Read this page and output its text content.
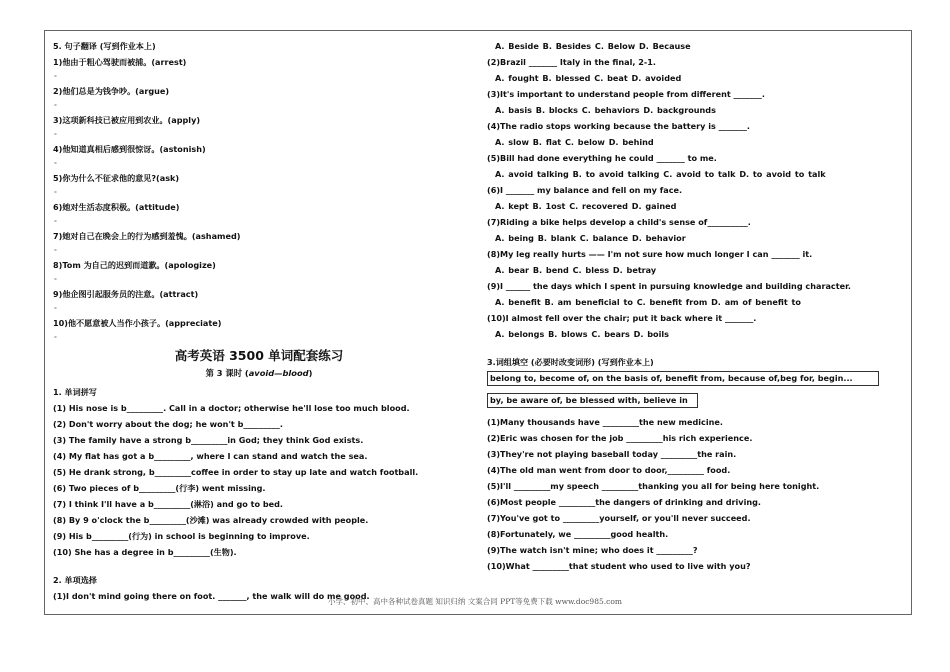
5. 句子翻译 (写到作业本上)
1)他由于粗心驾驶而被捕。(arrest)
-
2)他们总是为钱争吵。(argue)
-
3)这项新科技已被应用到农业。(apply)
-
4)他知道真相后感到很惊讶。(astonish)
-
5)你为什么不征求他的意见?(ask)
-
6)她对生活态度积极。(attitude)
-
7)她对自己在晚会上的行为感到羞愧。(ashamed)
-
8)Tom 为自己的迟到而道歉。(apologize)
-
9)他企图引起服务员的注意。(attract)
-
10)他不愿意被人当作小孩子。(appreciate)
-
高考英语 3500 单词配套练习
第 3 课时 (avoid—blood)
1. 单词拼写
(1) His nose is b_________. Call in a doctor; otherwise he'll lose too much blood.
(2) Don't worry about the dog; he won't b_________.
(3) The family have a strong b_________in God; they think God exists.
(4) My flat has got a b_________, where I can stand and watch the sea.
(5) He drank strong, b_________coffee in order to stay up late and watch football.
(6) Two pieces of b_________(行李) went missing.
(7) I think I'll have a b_________(淋浴) and go to bed.
(8) By 9 o'clock the b_________(沙滩) was already crowded with people.
(9) His b_________(行为) in school is beginning to improve.
(10) She has a degree in b_________(生物).
2. 单项选择
(1)I don't mind going there on foot. _______, the walk will do me good.
A. Beside B. Besides C. Below D. Because
(2)Brazil _______ Italy in the final, 2-1.
A. fought B. blessed C. beat D. avoided
(3)It's important to understand people from different _______.
A. basis B. blocks C. behaviors D. backgrounds
(4)The radio stops working because the battery is _______.
A. slow B. flat C. below D. behind
(5)Bill had done everything he could _______ to me.
A. avoid talking B. to avoid talking C. avoid to talk D. to avoid to talk
(6)I _______ my balance and fell on my face.
A. kept B. 1ost C. recovered D. gained
(7)Riding a bike helps develop a child's sense of__________.
A. being B. blank C. balance D. behavior
(8)My leg really hurts —— I'm not sure how much longer I can _______ it.
A. bear B. bend C. bless D. betray
(9)I ______ the days which I spent in pursuing knowledge and building character.
A. benefit B. am beneficial to C. benefit from D. am of benefit to
(10)I almost fell over the chair; put it back where it _______.
A. belongs B. blows C. bears D. boils
3.词组填空 (必要时改变词形) (写到作业本上)
belong to, become of, on the basis of, benefit from, because of,beg for, begin...
by, be aware of, be blessed with, believe in
(1)Many thousands have _________the new medicine.
(2)Eric was chosen for the job _________his rich experience.
(3)They're not playing baseball today _________the rain.
(4)The old man went from door to door,_________ food.
(5)I'll _________my speech _________thanking you all for being here tonight.
(6)Most people _________the dangers of drinking and driving.
(7)You've got to _________yourself, or you'll never succeed.
(8)Fortunately, we _________good health.
(9)The watch isn't mine; who does it _________?
(10)What _________that student who used to live with you?
小学、初中、高中各种试卷真题 知识归纳 文案合同 PPT等免费下载 www.doc985.com
